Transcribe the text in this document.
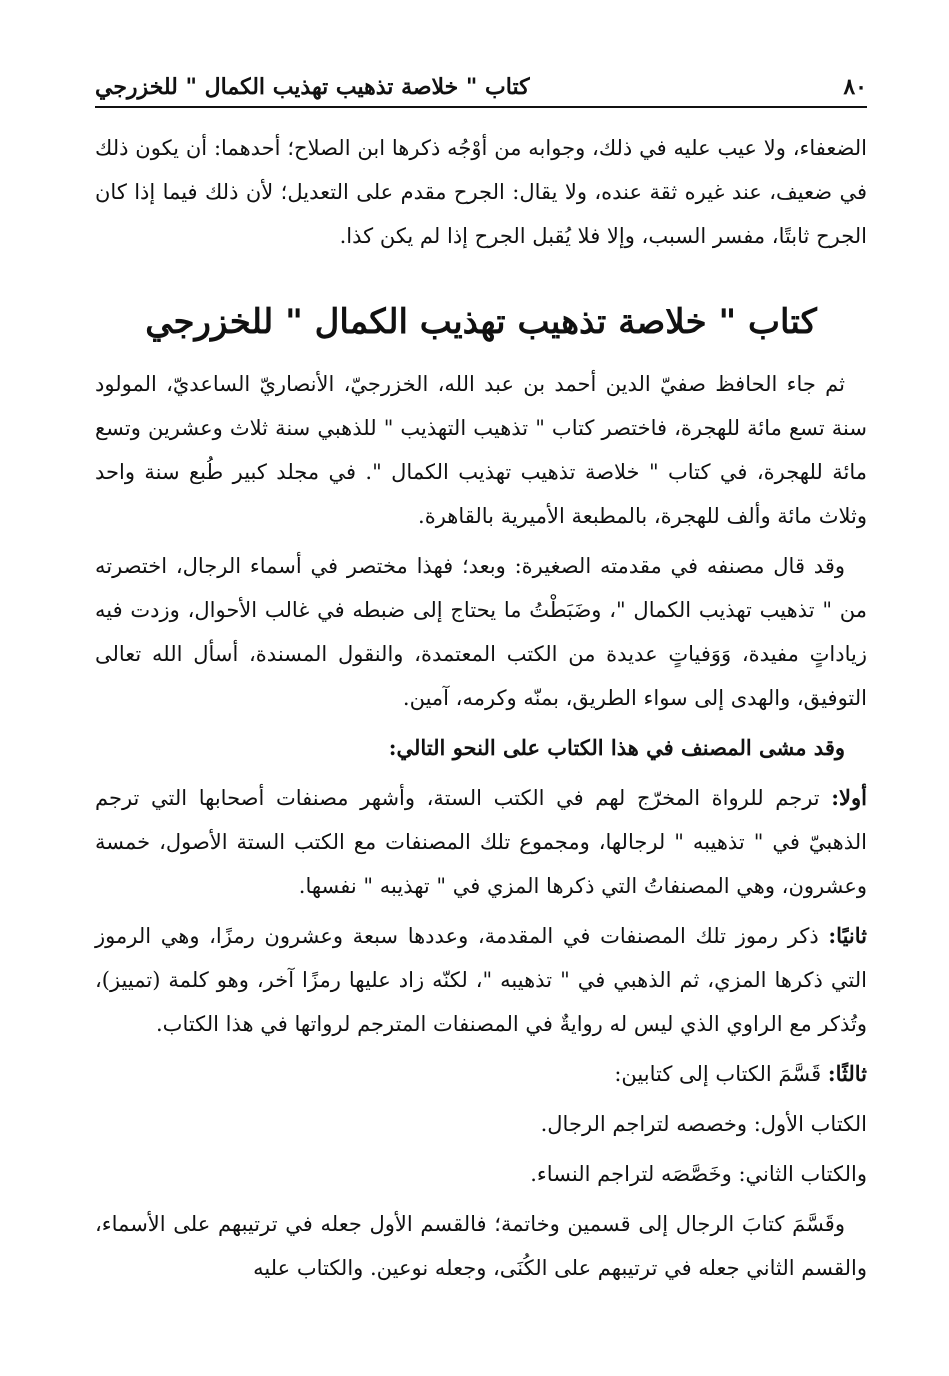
٨٠
كتاب " خلاصة تذهيب تهذيب الكمال " للخزرجي

الضعفاء، ولا عيب عليه في ذلك، وجوابه من أوْجُه ذكرها ابن الصلاح؛ أحدهما: أن يكون ذلك في ضعيف، عند غيره ثقة عنده، ولا يقال: الجرح مقدم على التعديل؛ لأن ذلك فيما إذا كان الجرح ثابتًا، مفسر السبب، وإلا فلا يُقبل الجرح إذا لم يكن كذا.

كتاب " خلاصة تذهيب تهذيب الكمال " للخزرجي

ثم جاء الحافظ صفيّ الدين أحمد بن عبد الله، الخزرجيّ، الأنصاريّ الساعديّ، المولود سنة تسع مائة للهجرة، فاختصر كتاب " تذهيب التهذيب " للذهبي سنة ثلاث وعشرين وتسع مائة للهجرة، في كتاب " خلاصة تذهيب تهذيب الكمال ". في مجلد كبير طُبع سنة واحد وثلاث مائة وألف للهجرة، بالمطبعة الأميرية بالقاهرة.

وقد قال مصنفه في مقدمته الصغيرة: وبعد؛ فهذا مختصر في أسماء الرجال، اختصرته من " تذهيب تهذيب الكمال "، وضَبَطْتُ ما يحتاج إلى ضبطه في غالب الأحوال، وزدت فيه زياداتٍ مفيدة، وَوَفياتٍ عديدة من الكتب المعتمدة، والنقول المسندة، أسأل الله تعالى التوفيق، والهدى إلى سواء الطريق، بمنّه وكرمه، آمين.

وقد مشى المصنف في هذا الكتاب على النحو التالي:

أولا: ترجم للرواة المخرّج لهم في الكتب الستة، وأشهر مصنفات أصحابها التي ترجم الذهبيّ في " تذهيبه " لرجالها، ومجموع تلك المصنفات مع الكتب الستة الأصول، خمسة وعشرون، وهي المصنفاتُ التي ذكرها المزي في " تهذيبه " نفسها.

ثانيًا: ذكر رموز تلك المصنفات في المقدمة، وعددها سبعة وعشرون رمزًا، وهي الرموز التي ذكرها المزي، ثم الذهبي في " تذهيبه "، لكنّه زاد عليها رمزًا آخر، وهو كلمة (تمييز)، وتُذكر مع الراوي الذي ليس له روايةٌ في المصنفات المترجم لرواتها في هذا الكتاب.

ثالثًا: قَسَّمَ الكتاب إلى كتابين:

الكتاب الأول: وخصصه لتراجم الرجال.

والكتاب الثاني: وخَصَّصَه لتراجم النساء.

وقَسَّمَ كتابَ الرجال إلى قسمين وخاتمة؛ فالقسم الأول جعله في ترتيبهم على الأسماء، والقسم الثاني جعله في ترتيبهم على الكُنَى، وجعله نوعين. والكتاب عليه
